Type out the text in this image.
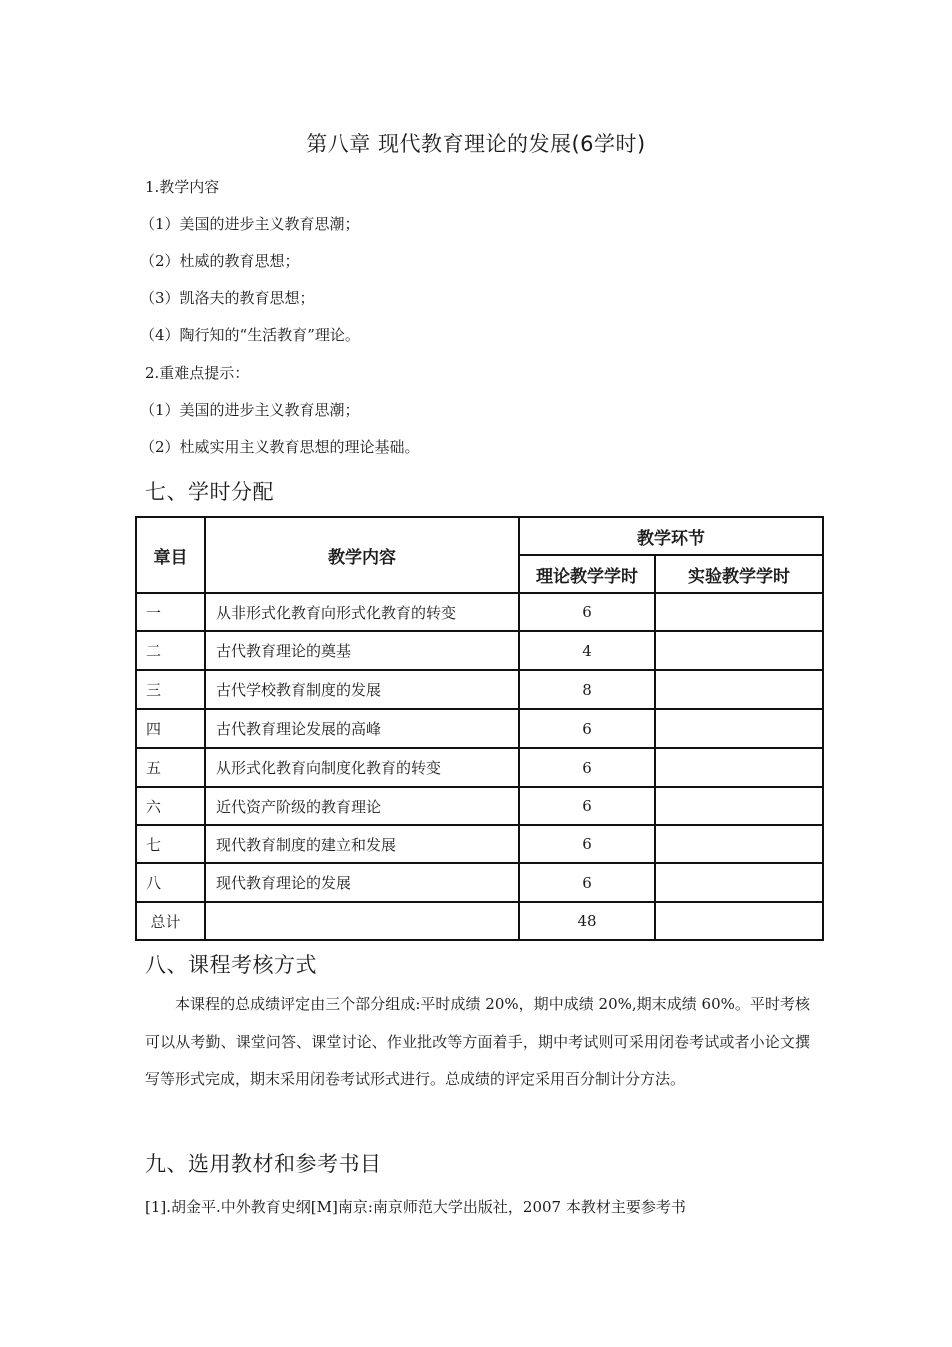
第八章 现代教育理论的发展(6学时)
1.教学内容
（1）美国的进步主义教育思潮；
（2）杜威的教育思想；
（3）凯洛夫的教育思想；
（4）陶行知的“生活教育”理论。
2.重难点提示：
（1）美国的进步主义教育思潮；
（2）杜威实用主义教育思想的理论基础。
七、学时分配
章目	教学内容	教学环节	
		理论教学学时	实验教学学时
一	从非形式化教育向形式化教育的转变	6	
二	古代教育理论的奠基	4	
三	古代学校教育制度的发展	8	
四	古代教育理论发展的高峰	6	
五	从形式化教育向制度化教育的转变	6	
六	近代资产阶级的教育理论	6	
七	现代教育制度的建立和发展	6	
八	现代教育理论的发展	6	
总计		48	
八、课程考核方式
本课程的总成绩评定由三个部分组成:平时成绩 20%，期中成绩 20%,期末成绩 60%。平时考核可以从考勤、课堂问答、课堂讨论、作业批改等方面着手，期中考试则可采用闭卷考试或者小论文撰写等形式完成，期末采用闭卷考试形式进行。总成绩的评定采用百分制计分方法。
九、选用教材和参考书目
[1].胡金平.中外教育史纲[M]南京:南京师范大学出版社，2007 本教材主要参考书
